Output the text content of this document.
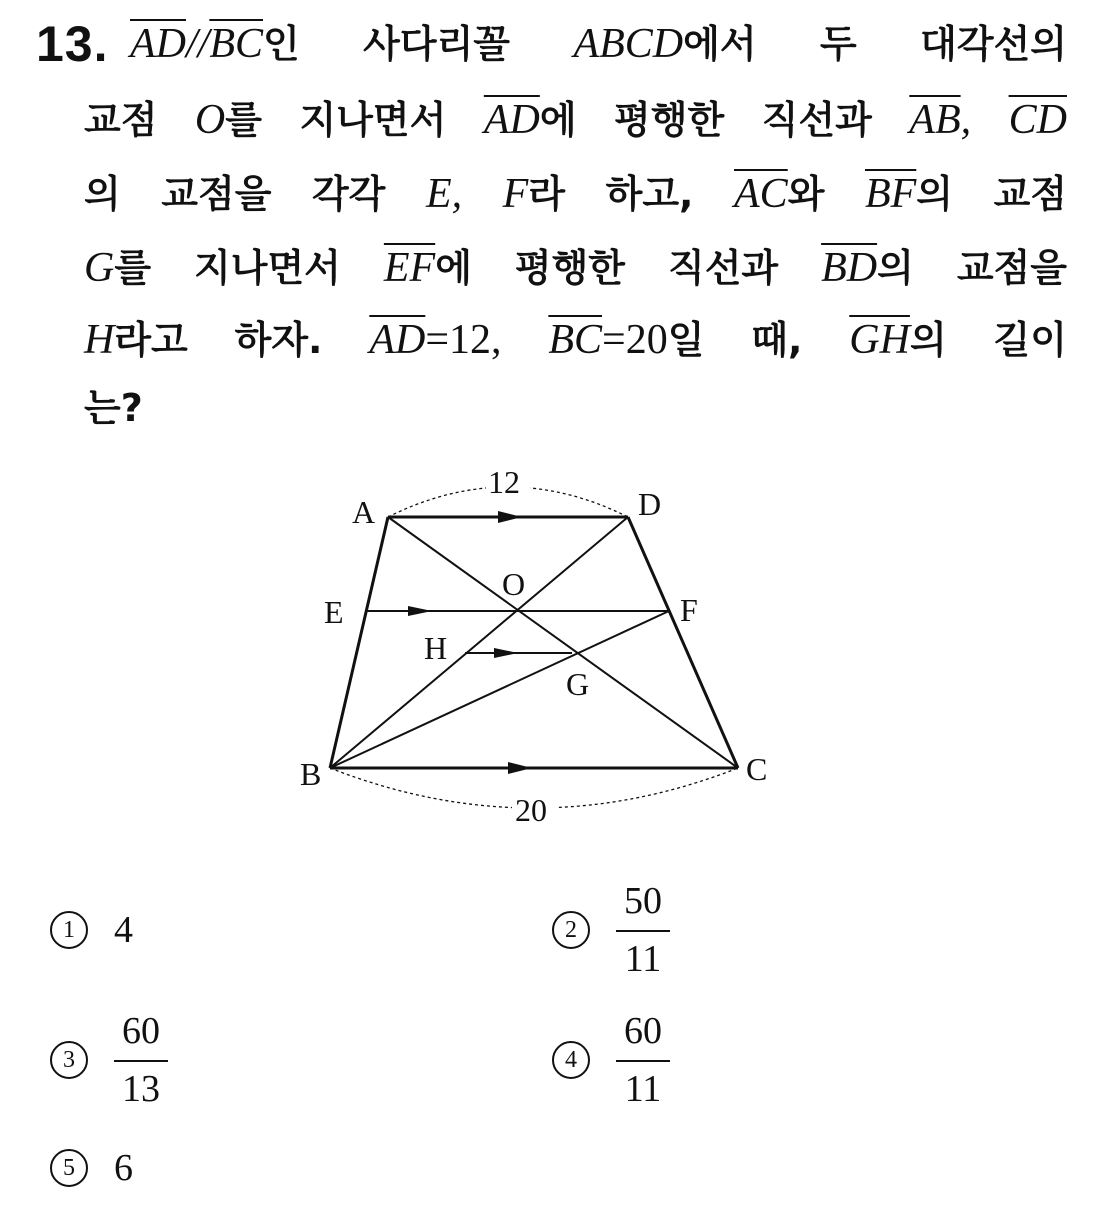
13. $\overline{AD}//\overline{BC}$인 사다리꼴 ABCD에서 두 대각선의
교점 O를 지나면서 $\overline{AD}$에 평행한 직선과 $\overline{AB}$, $\overline{CD}$
의 교점을 각각 E, F라 하고, $\overline{AC}$와 $\overline{BF}$의 교점
G를 지나면서 $\overline{EF}$에 평행한 직선과 $\overline{BD}$의 교점을
H라고 하자. $\overline{AD}=12$, $\overline{BC}=20$일 때, $\overline{GH}$의 길이
는?
A	D
E	F
O
H
G
B	C
12
20
1	4	2	$\frac{50}{11}$
3	$\frac{60}{13}$	4	$\frac{60}{11}$
5	6
